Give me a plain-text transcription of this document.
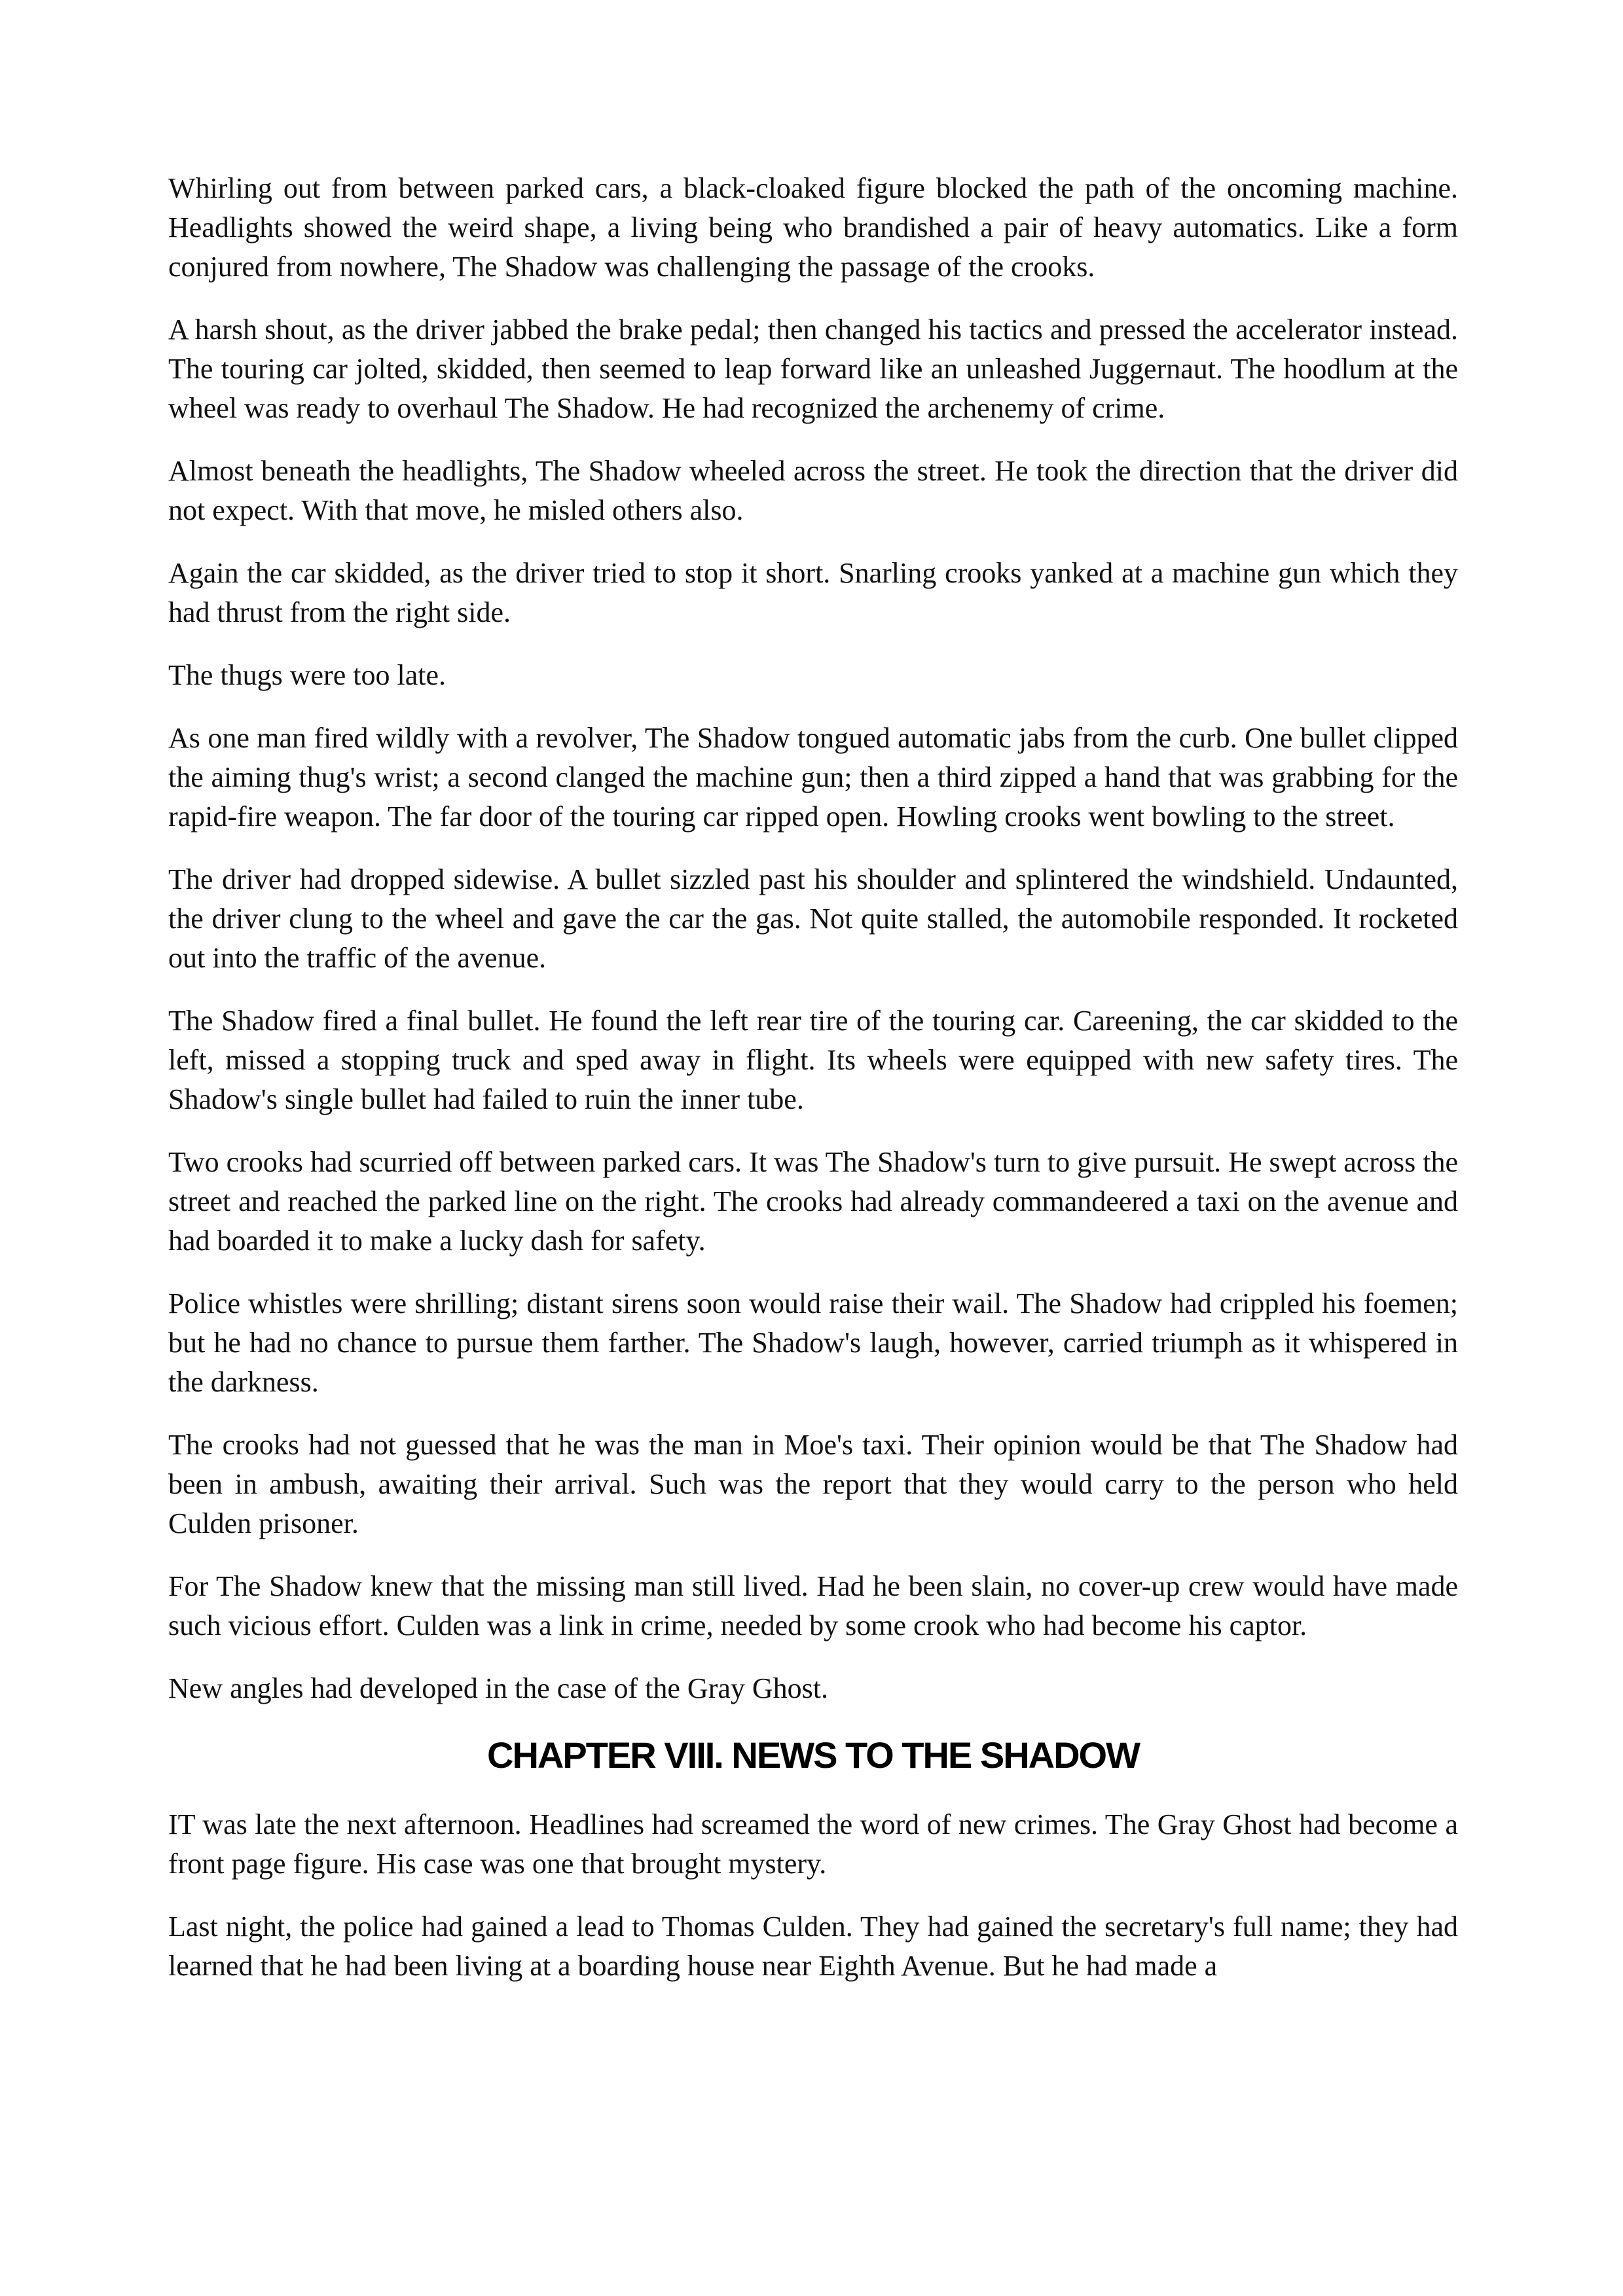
Whirling out from between parked cars, a black-cloaked figure blocked the path of the oncoming machine. Headlights showed the weird shape, a living being who brandished a pair of heavy automatics. Like a form conjured from nowhere, The Shadow was challenging the passage of the crooks.

A harsh shout, as the driver jabbed the brake pedal; then changed his tactics and pressed the accelerator instead. The touring car jolted, skidded, then seemed to leap forward like an unleashed Juggernaut. The hoodlum at the wheel was ready to overhaul The Shadow. He had recognized the archenemy of crime.

Almost beneath the headlights, The Shadow wheeled across the street. He took the direction that the driver did not expect. With that move, he misled others also.

Again the car skidded, as the driver tried to stop it short. Snarling crooks yanked at a machine gun which they had thrust from the right side.

The thugs were too late.

As one man fired wildly with a revolver, The Shadow tongued automatic jabs from the curb. One bullet clipped the aiming thug's wrist; a second clanged the machine gun; then a third zipped a hand that was grabbing for the rapid-fire weapon. The far door of the touring car ripped open. Howling crooks went bowling to the street.

The driver had dropped sidewise. A bullet sizzled past his shoulder and splintered the windshield. Undaunted, the driver clung to the wheel and gave the car the gas. Not quite stalled, the automobile responded. It rocketed out into the traffic of the avenue.

The Shadow fired a final bullet. He found the left rear tire of the touring car. Careening, the car skidded to the left, missed a stopping truck and sped away in flight. Its wheels were equipped with new safety tires. The Shadow's single bullet had failed to ruin the inner tube.

Two crooks had scurried off between parked cars. It was The Shadow's turn to give pursuit. He swept across the street and reached the parked line on the right. The crooks had already commandeered a taxi on the avenue and had boarded it to make a lucky dash for safety.

Police whistles were shrilling; distant sirens soon would raise their wail. The Shadow had crippled his foemen; but he had no chance to pursue them farther. The Shadow's laugh, however, carried triumph as it whispered in the darkness.

The crooks had not guessed that he was the man in Moe's taxi. Their opinion would be that The Shadow had been in ambush, awaiting their arrival. Such was the report that they would carry to the person who held Culden prisoner.

For The Shadow knew that the missing man still lived. Had he been slain, no cover-up crew would have made such vicious effort. Culden was a link in crime, needed by some crook who had become his captor.

New angles had developed in the case of the Gray Ghost.

CHAPTER VIII. NEWS TO THE SHADOW

IT was late the next afternoon. Headlines had screamed the word of new crimes. The Gray Ghost had become a front page figure. His case was one that brought mystery.

Last night, the police had gained a lead to Thomas Culden. They had gained the secretary's full name; they had learned that he had been living at a boarding house near Eighth Avenue. But he had made a
